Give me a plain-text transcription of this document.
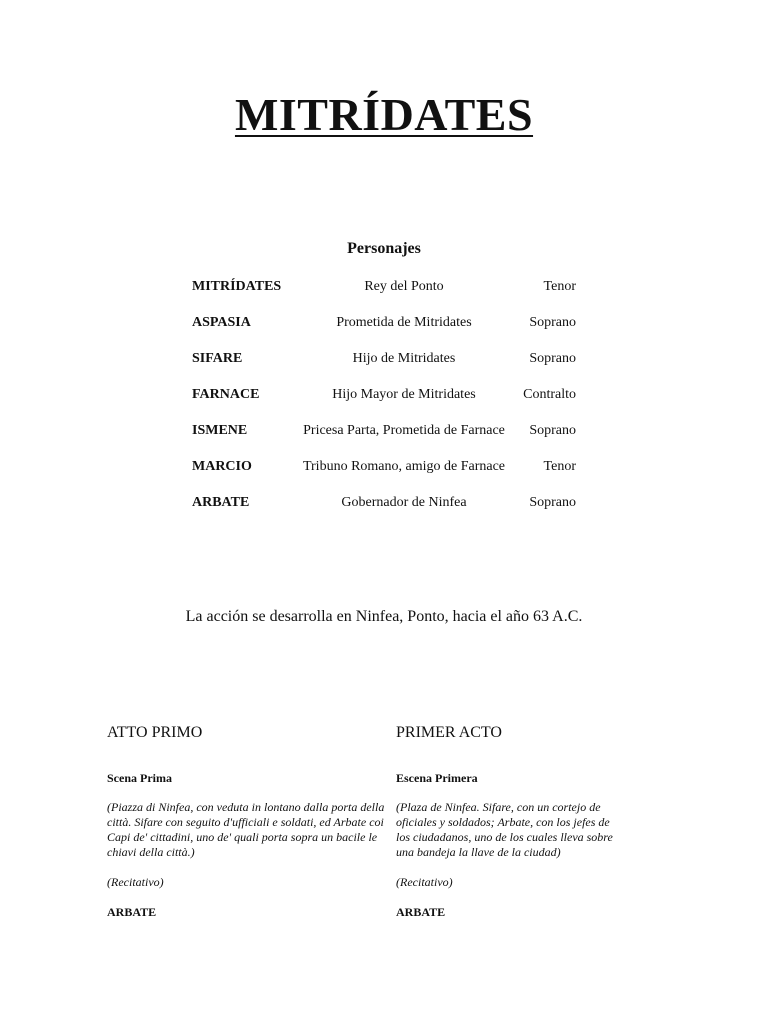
MITRÍDATES
Personajes
MITRÍDATES	Rey del Ponto	Tenor
ASPASIA	Prometida de Mitridates	Soprano
SIFARE	Hijo de Mitridates	Soprano
FARNACE	Hijo Mayor de Mitridates	Contralto
ISMENE	Pricesa Parta, Prometida de Farnace Soprano
MARCIO	Tribuno Romano, amigo de Farnace	Tenor
ARBATE	Gobernador de Ninfea	Soprano

La acción se desarrolla en Ninfea, Ponto, hacia el año 63 A.C.

ATTO PRIMO
Scena Prima

(Piazza di Ninfea, con veduta in lontano dalla porta della città. Sifare con seguito d'ufficiali e soldati, ed Arbate coi Capi de' cittadini, uno de' quali porta sopra un bacile le chiavi della città.)

(Recitativo)

ARBATE

PRIMER ACTO
Escena Primera

(Plaza de Ninfea. Sifare, con un cortejo de oficiales y soldados; Arbate, con los jefes de los ciudadanos, uno de los cuales lleva sobre una bandeja la llave de la ciudad)

(Recitativo)

ARBATE
